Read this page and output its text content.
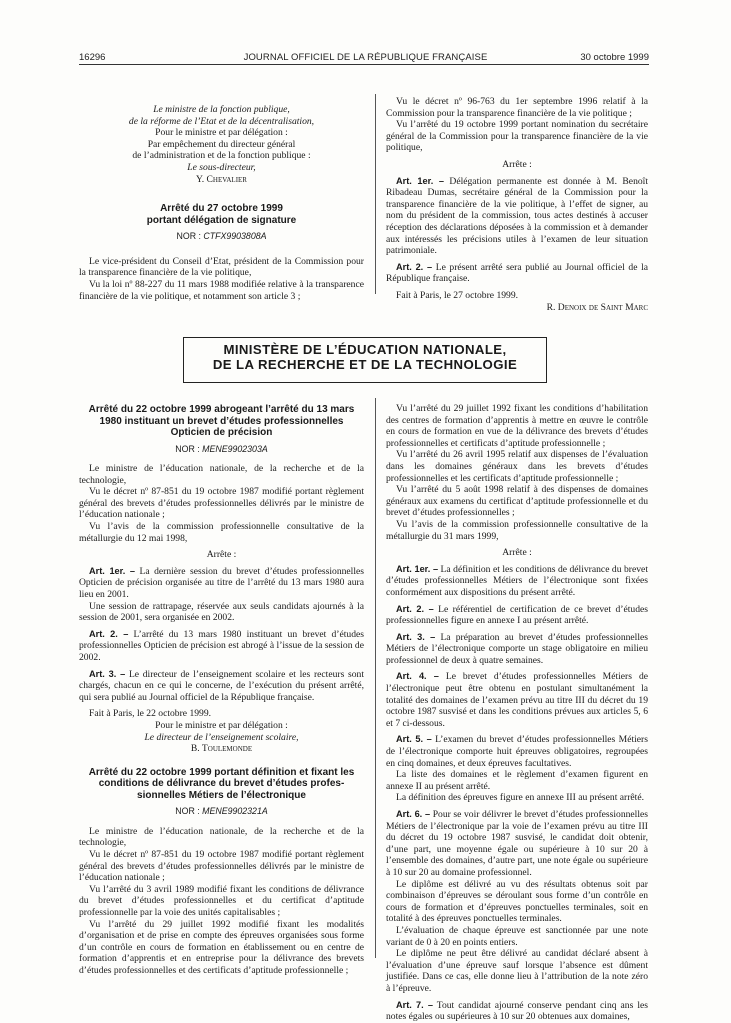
16296	JOURNAL OFFICIEL DE LA RÉPUBLIQUE FRANÇAISE	30 octobre 1999

Le ministre de la fonction publique,

de la réforme de l’Etat et de la décentralisation,

Pour le ministre et par délégation :

Par empêchement du directeur général

de l’administration et de la fonction publique :

Le sous-directeur,

Y. Chevalier

Arrêté du 27 octobre 1999
portant délégation de signature
NOR : CTFX9903808A

Le vice-président du Conseil d’Etat, président de la Commission pour la transparence financière de la vie politique,

Vu la loi nº 88-227 du 11 mars 1988 modifiée relative à la transparence financière de la vie politique, et notamment son article 3 ;

Vu le décret nº 96-763 du 1er septembre 1996 relatif à la Commission pour la transparence financière de la vie politique ;

Vu l’arrêté du 19 octobre 1999 portant nomination du secrétaire général de la Commission pour la transparence financière de la vie politique,

Arrête :

Art. 1er. – Délégation permanente est donnée à M. Benoît Ribadeau Dumas, secrétaire général de la Commission pour la transparence financière de la vie politique, à l’effet de signer, au nom du président de la commission, tous actes destinés à accuser réception des déclarations déposées à la commission et à demander aux intéressés les précisions utiles à l’examen de leur situation patrimoniale.

Art. 2. – Le présent arrêté sera publié au Journal officiel de la République française.

Fait à Paris, le 27 octobre 1999.

R. Denoix de Saint Marc

MINISTÈRE DE L’ÉDUCATION NATIONALE,
DE LA RECHERCHE ET DE LA TECHNOLOGIE
Arrêté du 22 octobre 1999 abrogeant l’arrêté du 13 mars
1980 instituant un brevet d’études professionnelles
Opticien de précision
NOR : MENE9902303A

Le ministre de l’éducation nationale, de la recherche et de la technologie,

Vu le décret nº 87-851 du 19 octobre 1987 modifié portant règlement général des brevets d’études professionnelles délivrés par le ministre de l’éducation nationale ;

Vu l’avis de la commission professionnelle consultative de la métallurgie du 12 mai 1998,

Arrête :

Art. 1er. – La dernière session du brevet d’études professionnelles Opticien de précision organisée au titre de l’arrêté du 13 mars 1980 aura lieu en 2001.

Une session de rattrapage, réservée aux seuls candidats ajournés à la session de 2001, sera organisée en 2002.

Art. 2. – L’arrêté du 13 mars 1980 instituant un brevet d’études professionnelles Opticien de précision est abrogé à l’issue de la session de 2002.

Art. 3. – Le directeur de l’enseignement scolaire et les recteurs sont chargés, chacun en ce qui le concerne, de l’exécution du présent arrêté, qui sera publié au Journal officiel de la République française.

Fait à Paris, le 22 octobre 1999.

Pour le ministre et par délégation :

Le directeur de l’enseignement scolaire,

B. Toulemonde

Arrêté du 22 octobre 1999 portant définition et fixant les
conditions de délivrance du brevet d’études profes-
sionnelles Métiers de l’électronique
NOR : MENE9902321A

Le ministre de l’éducation nationale, de la recherche et de la technologie,

Vu le décret nº 87-851 du 19 octobre 1987 modifié portant règlement général des brevets d’études professionnelles délivrés par le ministre de l’éducation nationale ;

Vu l’arrêté du 3 avril 1989 modifié fixant les conditions de délivrance du brevet d’études professionnelles et du certificat d’aptitude professionnelle par la voie des unités capitalisables ;

Vu l’arrêté du 29 juillet 1992 modifié fixant les modalités d’organisation et de prise en compte des épreuves organisées sous forme d’un contrôle en cours de formation en établissement ou en centre de formation d’apprentis et en entreprise pour la délivrance des brevets d’études professionnelles et des certificats d’aptitude professionnelle ;

Vu l’arrêté du 29 juillet 1992 fixant les conditions d’habilitation des centres de formation d’apprentis à mettre en œuvre le contrôle en cours de formation en vue de la délivrance des brevets d’études professionnelles et certificats d’aptitude professionnelle ;

Vu l’arrêté du 26 avril 1995 relatif aux dispenses de l’évaluation dans les domaines généraux dans les brevets d’études professionnelles et les certificats d’aptitude professionnelle ;

Vu l’arrêté du 5 août 1998 relatif à des dispenses de domaines généraux aux examens du certificat d’aptitude professionnelle et du brevet d’études professionnelles ;

Vu l’avis de la commission professionnelle consultative de la métallurgie du 31 mars 1999,

Arrête :

Art. 1er. – La définition et les conditions de délivrance du brevet d’études professionnelles Métiers de l’électronique sont fixées conformément aux dispositions du présent arrêté.

Art. 2. – Le référentiel de certification de ce brevet d’études professionnelles figure en annexe I au présent arrêté.

Art. 3. – La préparation au brevet d’études professionnelles Métiers de l’électronique comporte un stage obligatoire en milieu professionnel de deux à quatre semaines.

Art. 4. – Le brevet d’études professionnelles Métiers de l’électronique peut être obtenu en postulant simultanément la totalité des domaines de l’examen prévu au titre III du décret du 19 octobre 1987 susvisé et dans les conditions prévues aux articles 5, 6 et 7 ci-dessous.

Art. 5. – L’examen du brevet d’études professionnelles Métiers de l’électronique comporte huit épreuves obligatoires, regroupées en cinq domaines, et deux épreuves facultatives.

La liste des domaines et le règlement d’examen figurent en annexe II au présent arrêté.

La définition des épreuves figure en annexe III au présent arrêté.

Art. 6. – Pour se voir délivrer le brevet d’études professionnelles Métiers de l’électronique par la voie de l’examen prévu au titre III du décret du 19 octobre 1987 susvisé, le candidat doit obtenir, d’une part, une moyenne égale ou supérieure à 10 sur 20 à l’ensemble des domaines, d’autre part, une note égale ou supérieure à 10 sur 20 au domaine professionnel.

Le diplôme est délivré au vu des résultats obtenus soit par combinaison d’épreuves se déroulant sous forme d’un contrôle en cours de formation et d’épreuves ponctuelles terminales, soit en totalité à des épreuves ponctuelles terminales.

L’évaluation de chaque épreuve est sanctionnée par une note variant de 0 à 20 en points entiers.

Le diplôme ne peut être délivré au candidat déclaré absent à l’évaluation d’une épreuve sauf lorsque l’absence est dûment justifiée. Dans ce cas, elle donne lieu à l’attribution de la note zéro à l’épreuve.

Art. 7. – Tout candidat ajourné conserve pendant cinq ans les notes égales ou supérieures à 10 sur 20 obtenues aux domaines,
